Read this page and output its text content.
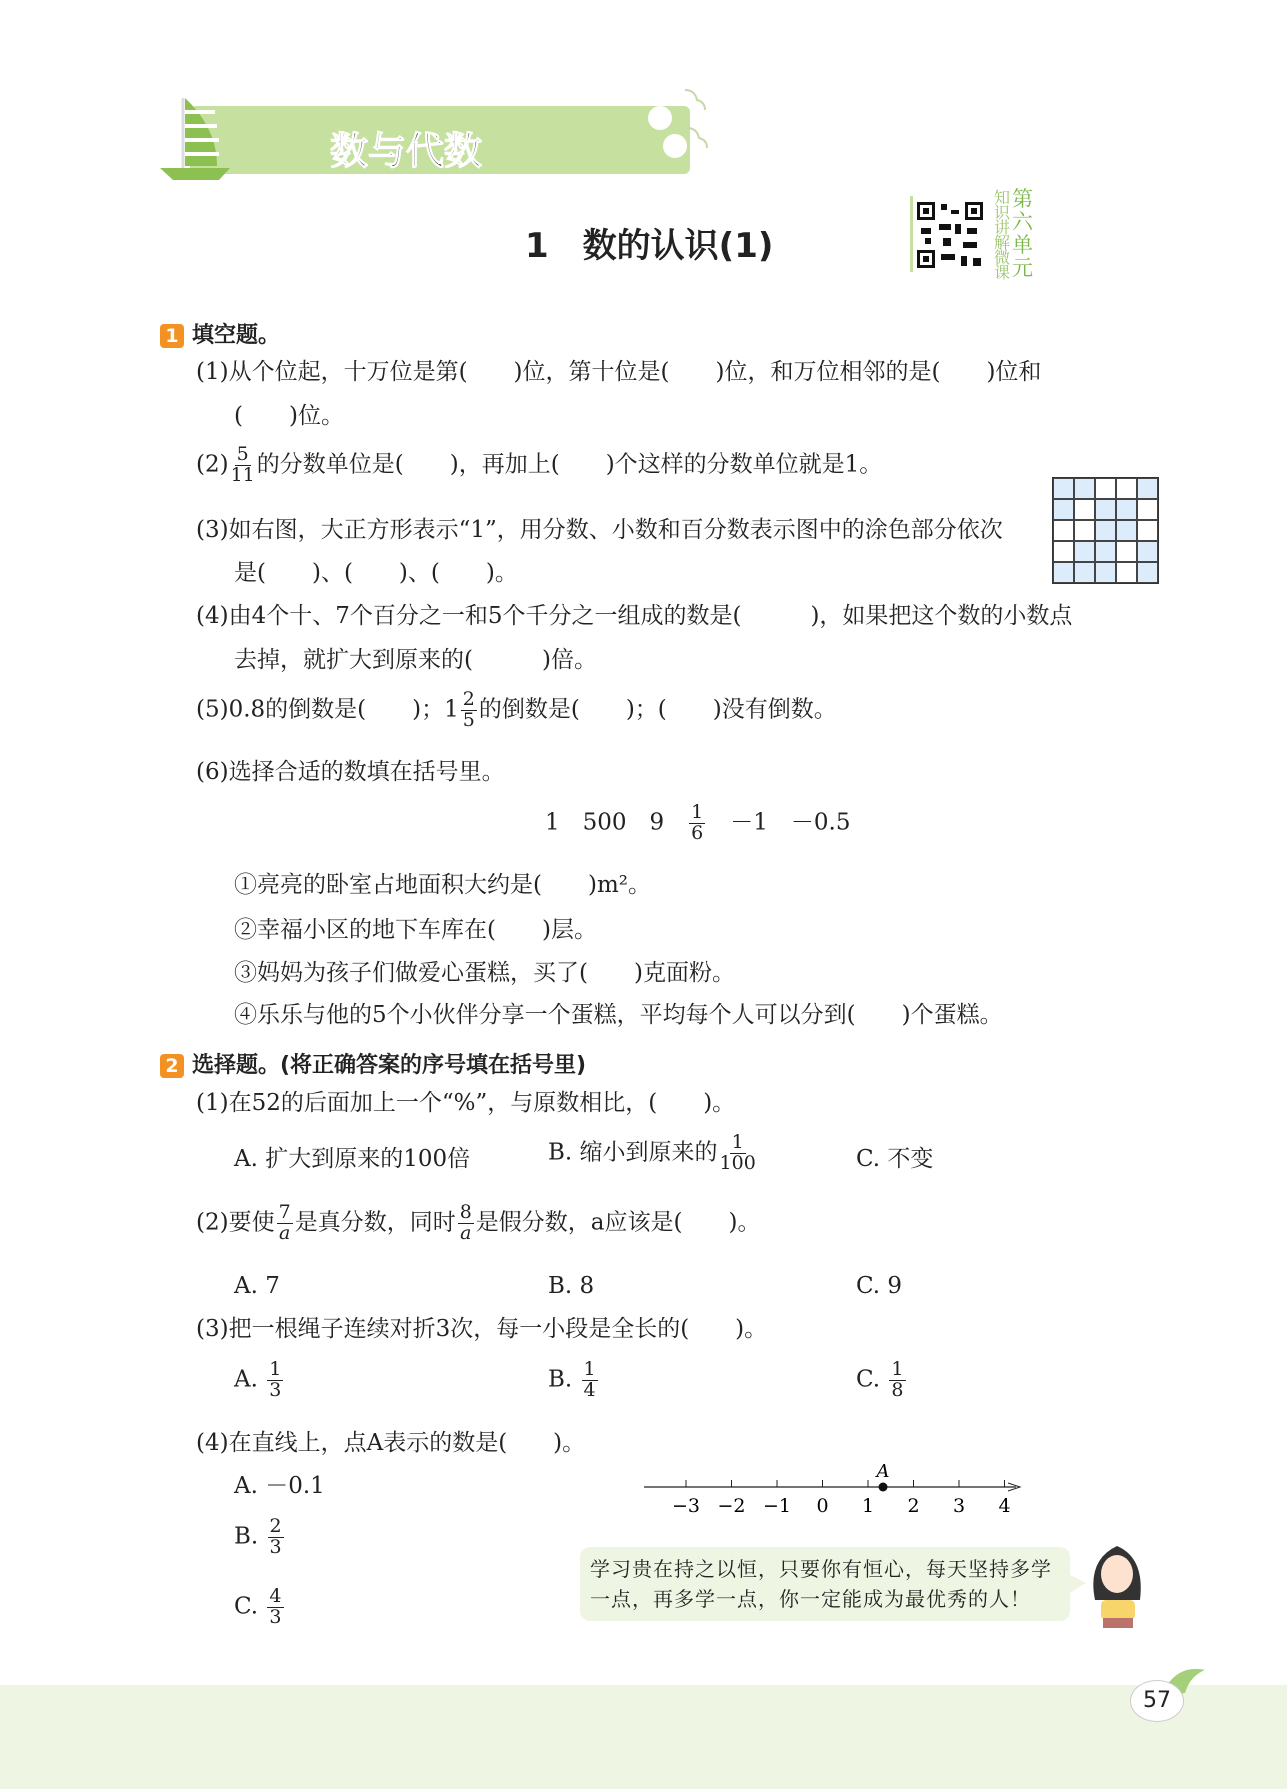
数与代数
1　数的认识(1)
知识讲解微课
第六单元
1 填空题。
(1)从个位起，十万位是第(　　)位，第十位是(　　)位，和万位相邻的是(　　)位和
(　　)位。
$(2) \frac{5}{11}$ 的分数单位是(　　)，再加上(　　)个这样的分数单位就是1。
(3)如右图，大正方形表示“1”，用分数、小数和百分数表示图中的涂色部分依次
是(　　)、(　　)、(　　)。
(4)由4个十、7个百分之一和5个千分之一组成的数是(　　　)，如果把这个数的小数点
去掉，就扩大到原来的(　　　)倍。
(5)0.8的倒数是(　　)；$1 \frac{2}{5}$ 的倒数是(　　)；(　　)没有倒数。
(6)选择合适的数填在括号里。
1　500　9　 $\frac{1}{6}$
　 －1　－0.5
①亮亮的卧室占地面积大约是(　　)m²。
②幸福小区的地下车库在(　　)层。
③妈妈为孩子们做爱心蛋糕，买了(　　)克面粉。
④乐乐与他的5个小伙伴分享一个蛋糕，平均每个人可以分到(　　)个蛋糕。
2 选择题。(将正确答案的序号填在括号里)
(1)在52的后面加上一个“%”，与原数相比，(　　)。
A. 扩大到原来的100倍	B. 缩小到原来的 $\frac{1}{100}$	C. 不变
(2)要使 $\frac{7}{a}$ 是真分数，同时 $\frac{8}{a}$ 是假分数，a应该是(　　)。
A. 7	B. 8	C. 9
(3)把一根绳子连续对折3次，每一小段是全长的(　　)。
A. $\frac{1}{3}$	B. $\frac{1}{4}$	C. $\frac{1}{8}$
(4)在直线上，点A表示的数是(　　)。
A. －0.1
B. $\frac{2}{3}$
C. $\frac{4}{3}$
−3 −2 −1 0 1 2 3 4
A
学习贵在持之以恒，只要你有恒心，每天坚持多学
一点，再多学一点，你一定能成为最优秀的人！
57
